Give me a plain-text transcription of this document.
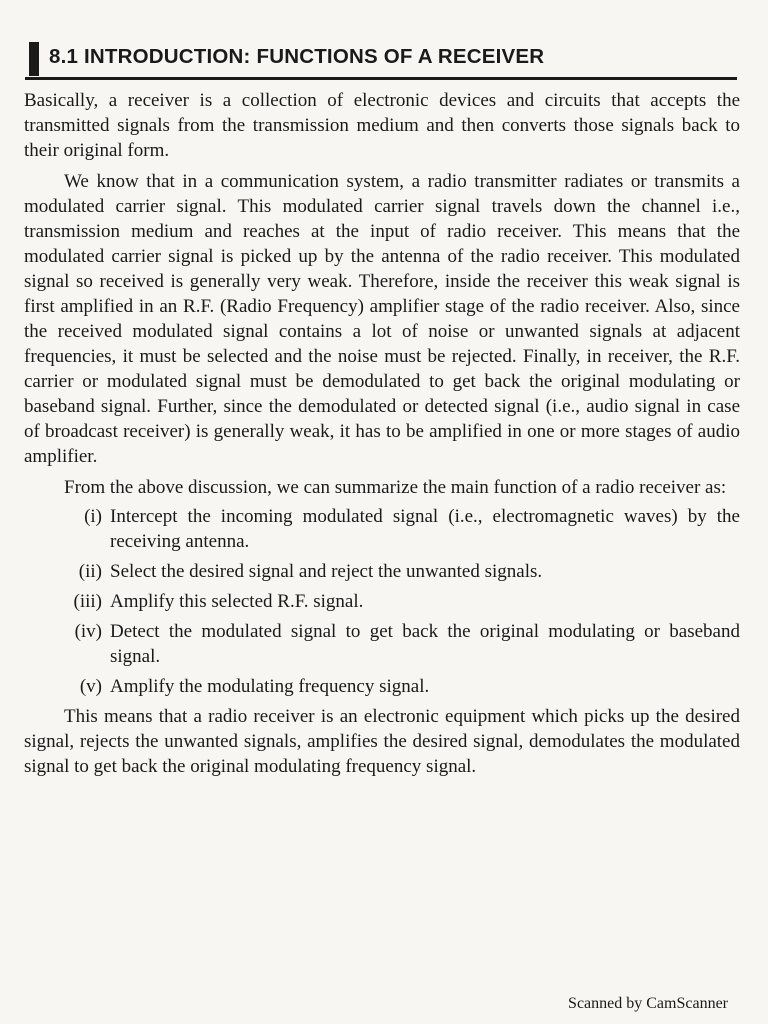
8.1 INTRODUCTION: FUNCTIONS OF A RECEIVER

Basically, a receiver is a collection of electronic devices and circuits that accepts the transmitted signals from the transmission medium and then converts those signals back to their original form.

We know that in a communication system, a radio transmitter radiates or transmits a modulated carrier signal. This modulated carrier signal travels down the channel i.e., transmission medium and reaches at the input of radio receiver. This means that the modulated carrier signal is picked up by the antenna of the radio receiver. This modulated signal so received is generally very weak. Therefore, inside the receiver this weak signal is first amplified in an R.F. (Radio Frequency) amplifier stage of the radio receiver. Also, since the received modulated signal contains a lot of noise or unwanted signals at adjacent frequencies, it must be selected and the noise must be rejected. Finally, in receiver, the R.F. carrier or modulated signal must be demodulated to get back the original modulating or baseband signal. Further, since the demodulated or detected signal (i.e., audio signal in case of broadcast receiver) is generally weak, it has to be amplified in one or more stages of audio amplifier.

From the above discussion, we can summarize the main function of a radio receiver as:

(i) Intercept the incoming modulated signal (i.e., electromagnetic waves) by the receiving antenna.
(ii) Select the desired signal and reject the unwanted signals.
(iii) Amplify this selected R.F. signal.
(iv) Detect the modulated signal to get back the original modulating or baseband signal.
(v) Amplify the modulating frequency signal.

This means that a radio receiver is an electronic equipment which picks up the desired signal, rejects the unwanted signals, amplifies the desired signal, demodulates the modulated signal to get back the original modulating frequency signal.

Scanned by CamScanner
